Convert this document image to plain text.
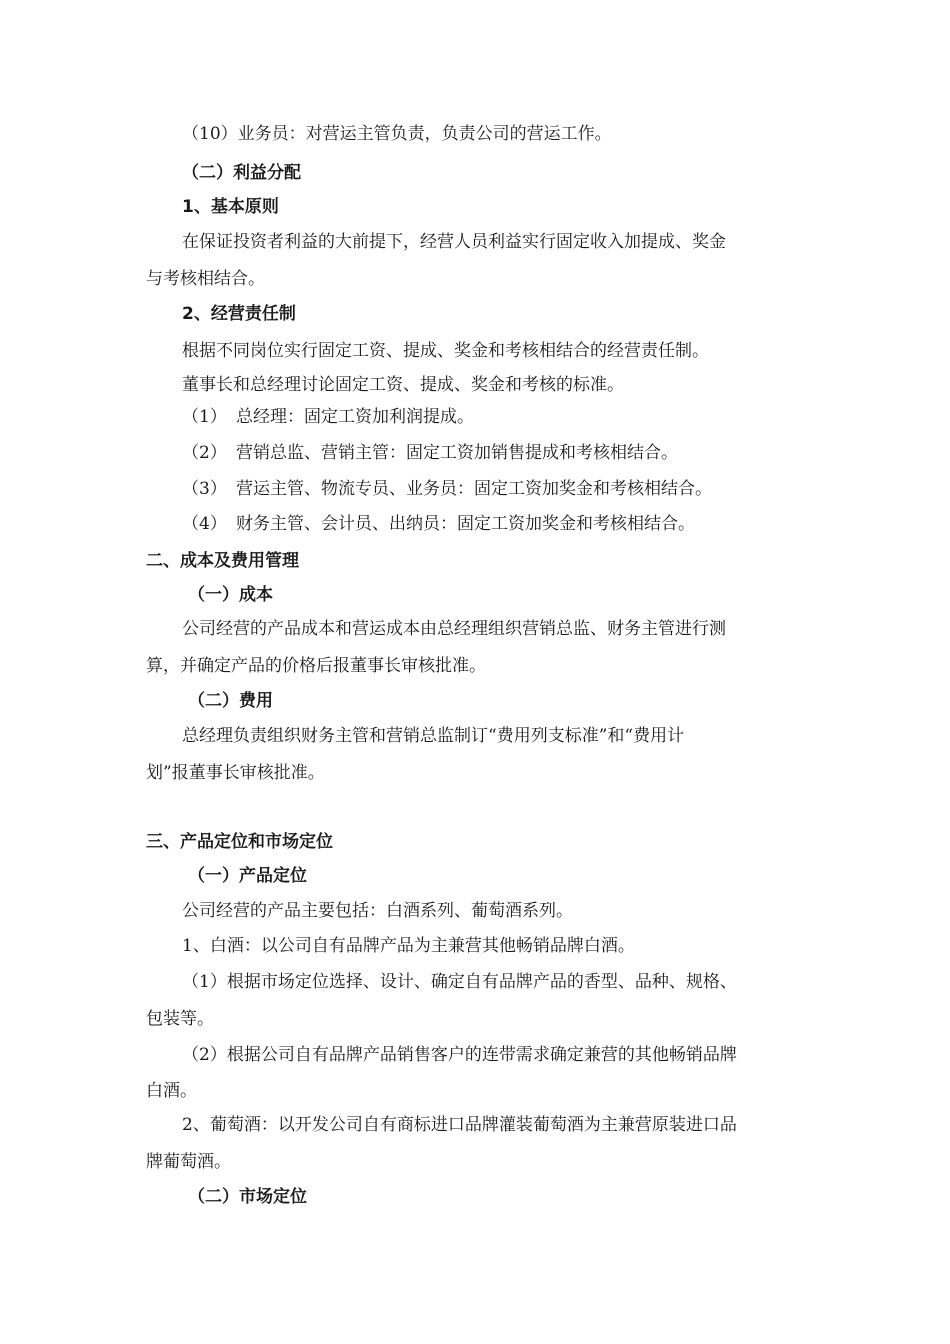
（10）业务员：对营运主管负责，负责公司的营运工作。
（二）利益分配
1、基本原则
在保证投资者利益的大前提下，经营人员利益实行固定收入加提成、奖金
与考核相结合。
2、经营责任制
根据不同岗位实行固定工资、提成、奖金和考核相结合的经营责任制。
董事长和总经理讨论固定工资、提成、奖金和考核的标准。
（1） 总经理：固定工资加利润提成。
（2） 营销总监、营销主管：固定工资加销售提成和考核相结合。
（3） 营运主管、物流专员、业务员：固定工资加奖金和考核相结合。
（4） 财务主管、会计员、出纳员：固定工资加奖金和考核相结合。
二、成本及费用管理
（一）成本
公司经营的产品成本和营运成本由总经理组织营销总监、财务主管进行测
算，并确定产品的价格后报董事长审核批准。
（二）费用
总经理负责组织财务主管和营销总监制订“费用列支标准”和“费用计
划”报董事长审核批准。
三、产品定位和市场定位
（一）产品定位
公司经营的产品主要包括：白酒系列、葡萄酒系列。
1、白酒：以公司自有品牌产品为主兼营其他畅销品牌白酒。
（1）根据市场定位选择、设计、确定自有品牌产品的香型、品种、规格、
包装等。
（2）根据公司自有品牌产品销售客户的连带需求确定兼营的其他畅销品牌
白酒。
2、葡萄酒：以开发公司自有商标进口品牌灌装葡萄酒为主兼营原装进口品
牌葡萄酒。
（二）市场定位
